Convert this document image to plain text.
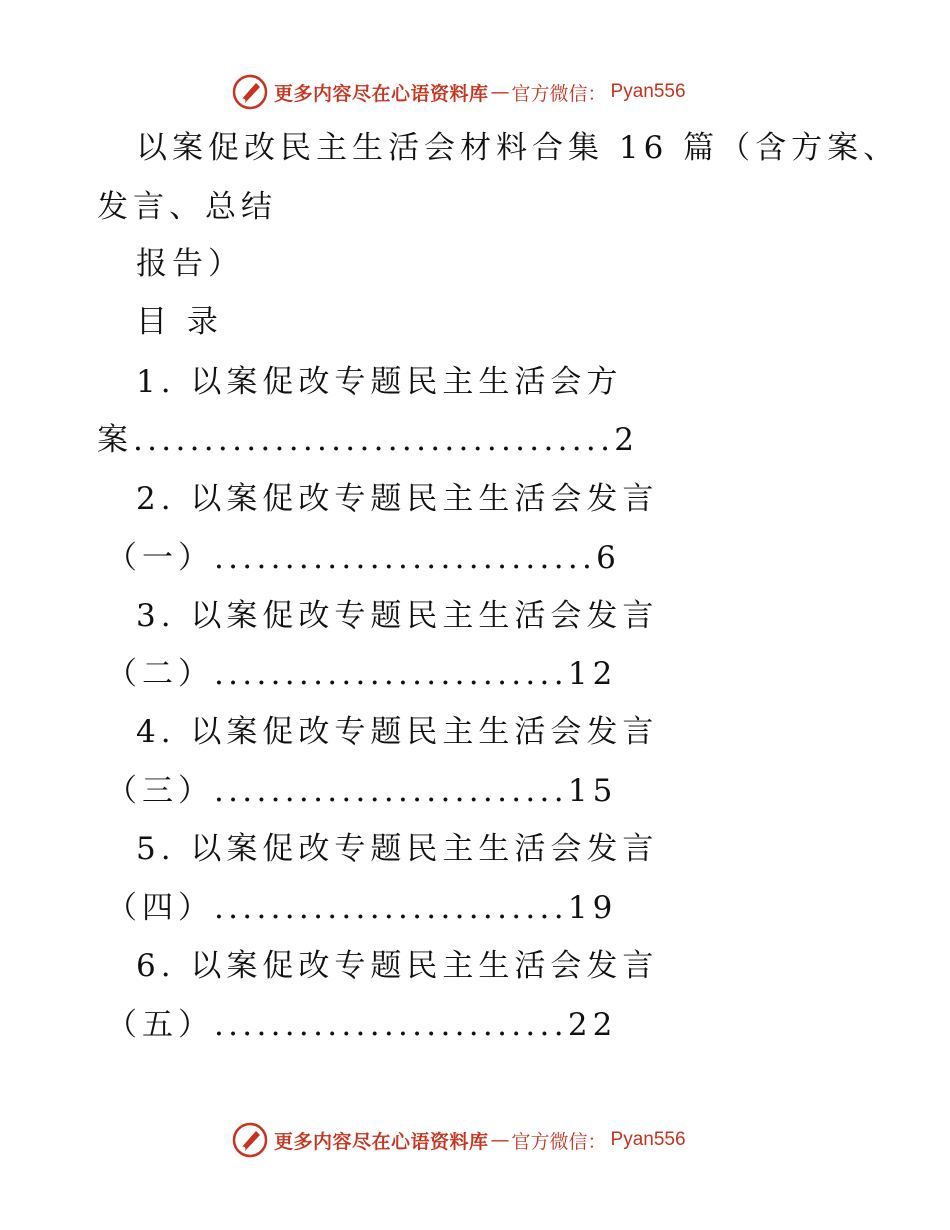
更多内容尽在心语资料库 — 官方微信： Pyan556
以案促改民主生活会材料合集 16 篇（含方案、
发言、总结
报告）
目 录
1. 以案促改专题民主生活会方
案..................................2
2. 以案促改专题民主生活会发言
（一）...........................6
3. 以案促改专题民主生活会发言
（二）.........................12
4. 以案促改专题民主生活会发言
（三）.........................15
5. 以案促改专题民主生活会发言
（四）.........................19
6. 以案促改专题民主生活会发言
（五）.........................22
更多内容尽在心语资料库 — 官方微信： Pyan556
